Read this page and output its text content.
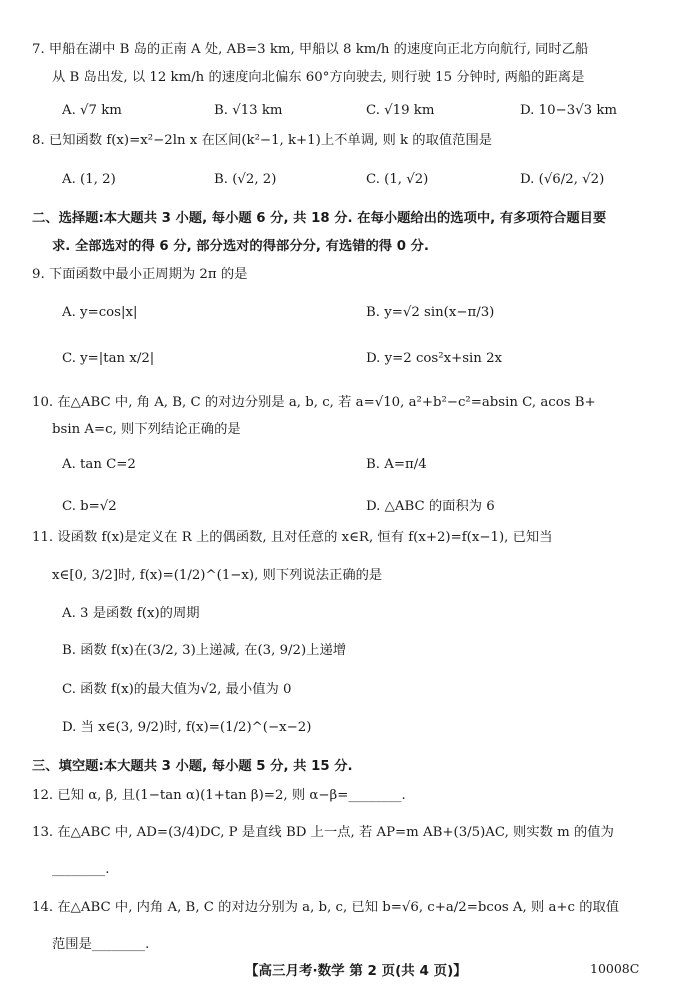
7. 甲船在湖中 B 岛的正南 A 处, AB=3 km, 甲船以 8 km/h 的速度向正北方向航行, 同时乙船
从 B 岛出发, 以 12 km/h 的速度向北偏东 60°方向驶去, 则行驶 15 分钟时, 两船的距离是
A. √7 km	B. √13 km	C. √19 km	D. 10−3√3 km
8. 已知函数 f(x)=x²−2ln x 在区间(k²−1, k+1)上不单调, 则 k 的取值范围是
A. (1, 2)	B. (√2, 2)	C. (1, √2)	D. (√6/2, √2)
二、选择题:本大题共 3 小题, 每小题 6 分, 共 18 分. 在每小题给出的选项中, 有多项符合题目要
求. 全部选对的得 6 分, 部分选对的得部分分, 有选错的得 0 分.
9. 下面函数中最小正周期为 2π 的是
A. y=cos|x|	B. y=√2 sin(x−π/3)
C. y=|tan x/2|	D. y=2 cos²x+sin 2x
10. 在△ABC 中, 角 A, B, C 的对边分别是 a, b, c, 若 a=√10, a²+b²−c²=absin C, acos B+
bsin A=c, 则下列结论正确的是
A. tan C=2	B. A=π/4
C. b=√2	D. △ABC 的面积为 6
11. 设函数 f(x)是定义在 R 上的偶函数, 且对任意的 x∈R, 恒有 f(x+2)=f(x−1), 已知当
x∈[0, 3/2]时, f(x)=(1/2)^(1−x), 则下列说法正确的是
A. 3 是函数 f(x)的周期
B. 函数 f(x)在(3/2, 3)上递减, 在(3, 9/2)上递增
C. 函数 f(x)的最大值为√2, 最小值为 0
D. 当 x∈(3, 9/2)时, f(x)=(1/2)^(−x−2)
三、填空题:本大题共 3 小题, 每小题 5 分, 共 15 分.
12. 已知 α, β, 且(1−tan α)(1+tan β)=2, 则 α−β=________.
13. 在△ABC 中, AD=(3/4)DC, P 是直线 BD 上一点, 若 AP=m AB+(3/5)AC, 则实数 m 的值为
________.
14. 在△ABC 中, 内角 A, B, C 的对边分别为 a, b, c, 已知 b=√6, c+a/2=bcos A, 则 a+c 的取值
范围是________.
【高三月考·数学 第 2 页(共 4 页)】	10008C
